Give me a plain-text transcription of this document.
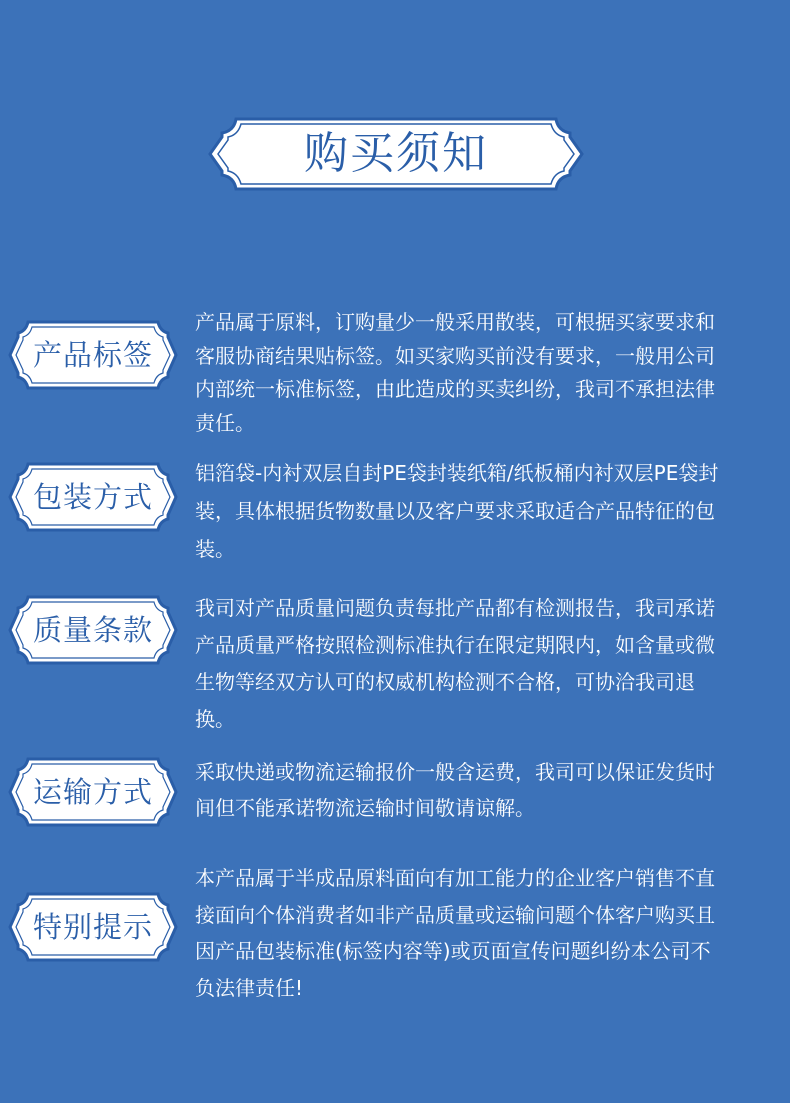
购买须知
产品标签

产品属于原料，订购量少一般采用散装，可根据买家要求和客服协商结果贴标签。如买家购买前没有要求，一般用公司内部统一标准标签，由此造成的买卖纠纷，我司不承担法律责任。

包装方式

铝箔袋-内衬双层自封PE袋封装纸箱/纸板桶内衬双层PE袋封装，具体根据货物数量以及客户要求采取适合产品特征的包装。

质量条款

我司对产品质量问题负责每批产品都有检测报告，我司承诺产品质量严格按照检测标准执行在限定期限内，如含量或微生物等经双方认可的权威机构检测不合格，可协洽我司退换。

运输方式

采取快递或物流运输报价一般含运费，我司可以保证发货时间但不能承诺物流运输时间敬请谅解。

特别提示

本产品属于半成品原料面向有加工能力的企业客户销售不直接面向个体消费者如非产品质量或运输问题个体客户购买且因产品包装标准(标签内容等)或页面宣传问题纠纷本公司不负法律责任!
